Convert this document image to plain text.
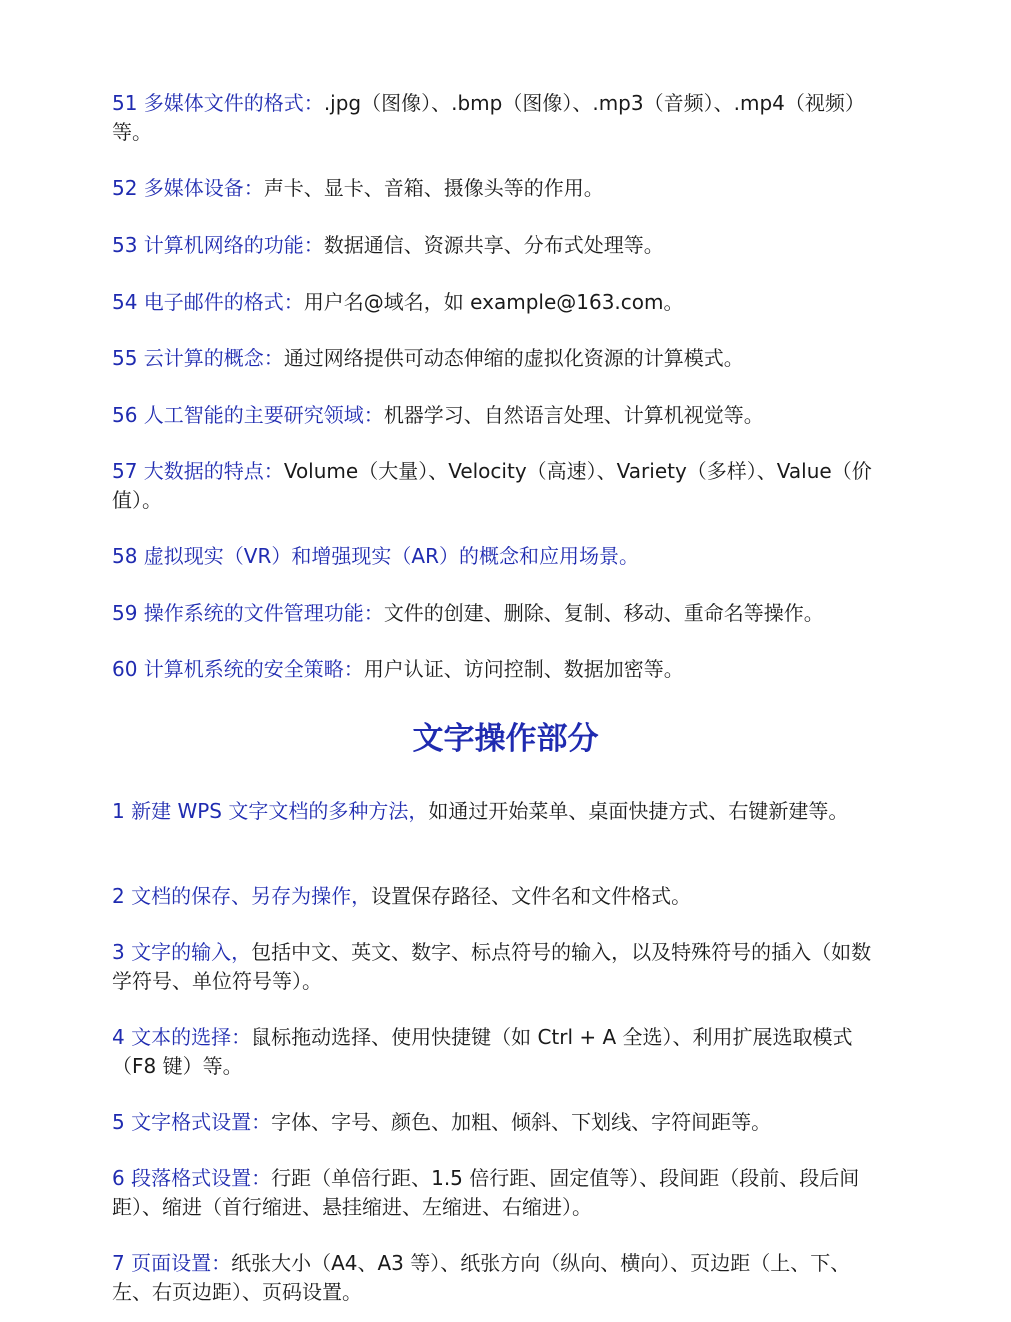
51 多媒体文件的格式：.jpg（图像）、.bmp（图像）、.mp3（音频）、.mp4（视频）等。
52 多媒体设备：声卡、显卡、音箱、摄像头等的作用。
53 计算机网络的功能：数据通信、资源共享、分布式处理等。
54 电子邮件的格式：用户名@域名，如 example@163.com。
55 云计算的概念：通过网络提供可动态伸缩的虚拟化资源的计算模式。
56 人工智能的主要研究领域：机器学习、自然语言处理、计算机视觉等。
57 大数据的特点：Volume（大量）、Velocity（高速）、Variety（多样）、Value（价值）。
58 虚拟现实（VR）和增强现实（AR）的概念和应用场景。
59 操作系统的文件管理功能：文件的创建、删除、复制、移动、重命名等操作。
60 计算机系统的安全策略：用户认证、访问控制、数据加密等。
文字操作部分
1 新建 WPS 文字文档的多种方法，如通过开始菜单、桌面快捷方式、右键新建等。
2 文档的保存、另存为操作，设置保存路径、文件名和文件格式。
3 文字的输入，包括中文、英文、数字、标点符号的输入，以及特殊符号的插入（如数学符号、单位符号等）。
4 文本的选择：鼠标拖动选择、使用快捷键（如 Ctrl + A 全选）、利用扩展选取模式（F8 键）等。
5 文字格式设置：字体、字号、颜色、加粗、倾斜、下划线、字符间距等。
6 段落格式设置：行距（单倍行距、1.5 倍行距、固定值等）、段间距（段前、段后间距）、缩进（首行缩进、悬挂缩进、左缩进、右缩进）。
7 页面设置：纸张大小（A4、A3 等）、纸张方向（纵向、横向）、页边距（上、下、左、右页边距）、页码设置。
